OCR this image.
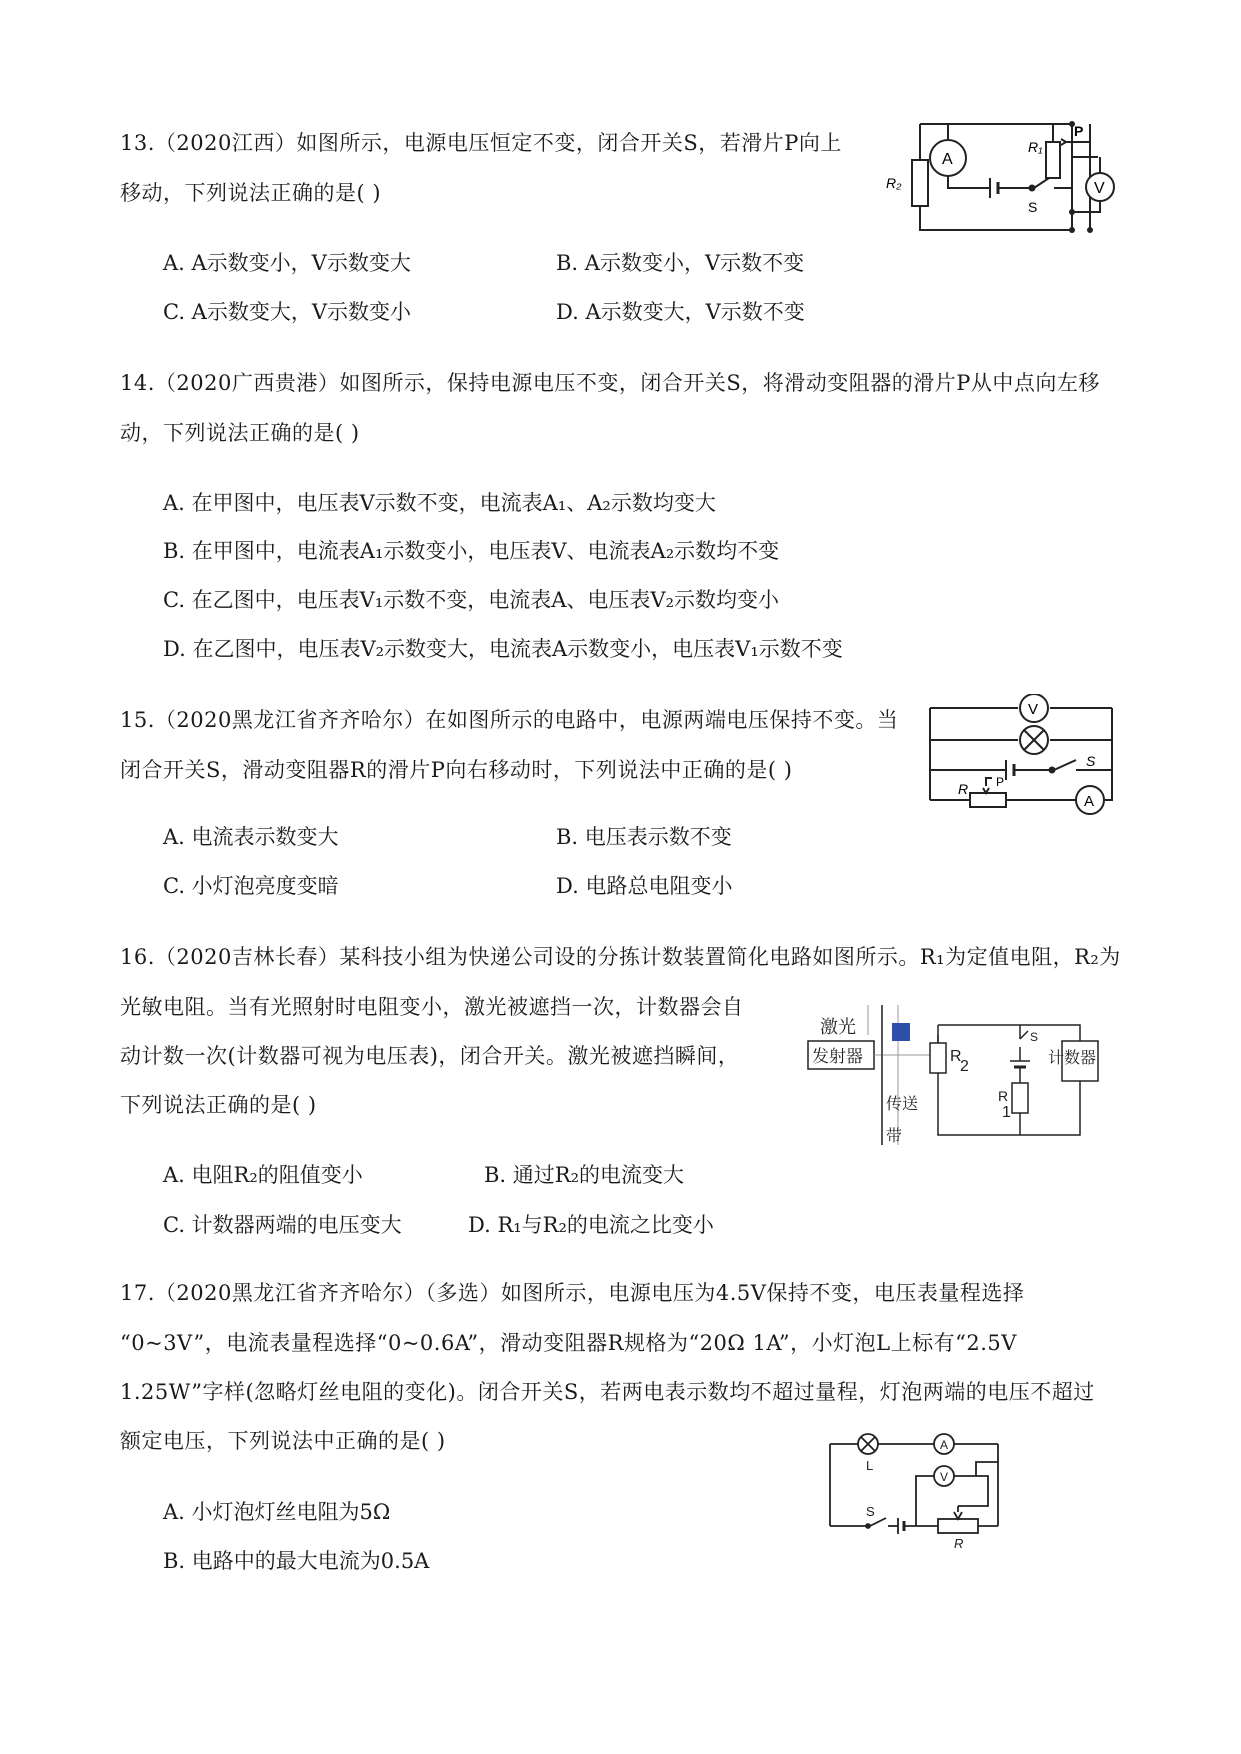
13.（2020江西）如图所示，电源电压恒定不变，闭合开关S，若滑片P向上
移动，下列说法正确的是( )
A. A示数变小，V示数变大	B. A示数变小，V示数不变
C. A示数变大，V示数变小	D. A示数变大，V示数不变
A
V
R₂
R₁
P
S
14.（2020广西贵港）如图所示，保持电源电压不变，闭合开关S，将滑动变阻器的滑片P从中点向左移
动，下列说法正确的是( )
A. 在甲图中，电压表V示数不变，电流表A₁、A₂示数均变大
B. 在甲图中，电流表A₁示数变小，电压表V、电流表A₂示数均不变
C. 在乙图中，电压表V₁示数不变，电流表A、电压表V₂示数均变小
D. 在乙图中，电压表V₂示数变大，电流表A示数变小，电压表V₁示数不变
15.（2020黑龙江省齐齐哈尔）在如图所示的电路中，电源两端电压保持不变。当
闭合开关S，滑动变阻器R的滑片P向右移动时，下列说法中正确的是( )
A. 电流表示数变大	B. 电压表示数不变
C. 小灯泡亮度变暗	D. 电路总电阻变小
V
A
R P
S
16.（2020吉林长春）某科技小组为快递公司设的分拣计数装置简化电路如图所示。R₁为定值电阻，R₂为
光敏电阻。当有光照射时电阻变小，激光被遮挡一次，计数器会自
动计数一次(计数器可视为电压表)，闭合开关。激光被遮挡瞬间，
下列说法正确的是( )
A. 电阻R₂的阻值变小	B. 通过R₂的电流变大
C. 计数器两端的电压变大	D. R₁与R₂的电流之比变小
激光
发射器	R
2
R
1
S
计数器
传送
带
17.（2020黑龙江省齐齐哈尔）（多选）如图所示，电源电压为4.5V保持不变，电压表量程选择
“0~3V”，电流表量程选择“0~0.6A”，滑动变阻器R规格为“20Ω 1A”，小灯泡L上标有“2.5V
1.25W”字样(忽略灯丝电阻的变化)。闭合开关S，若两电表示数均不超过量程，灯泡两端的电压不超过
额定电压，下列说法中正确的是( )
A. 小灯泡灯丝电阻为5Ω
B. 电路中的最大电流为0.5A
A
V
L
S
R
